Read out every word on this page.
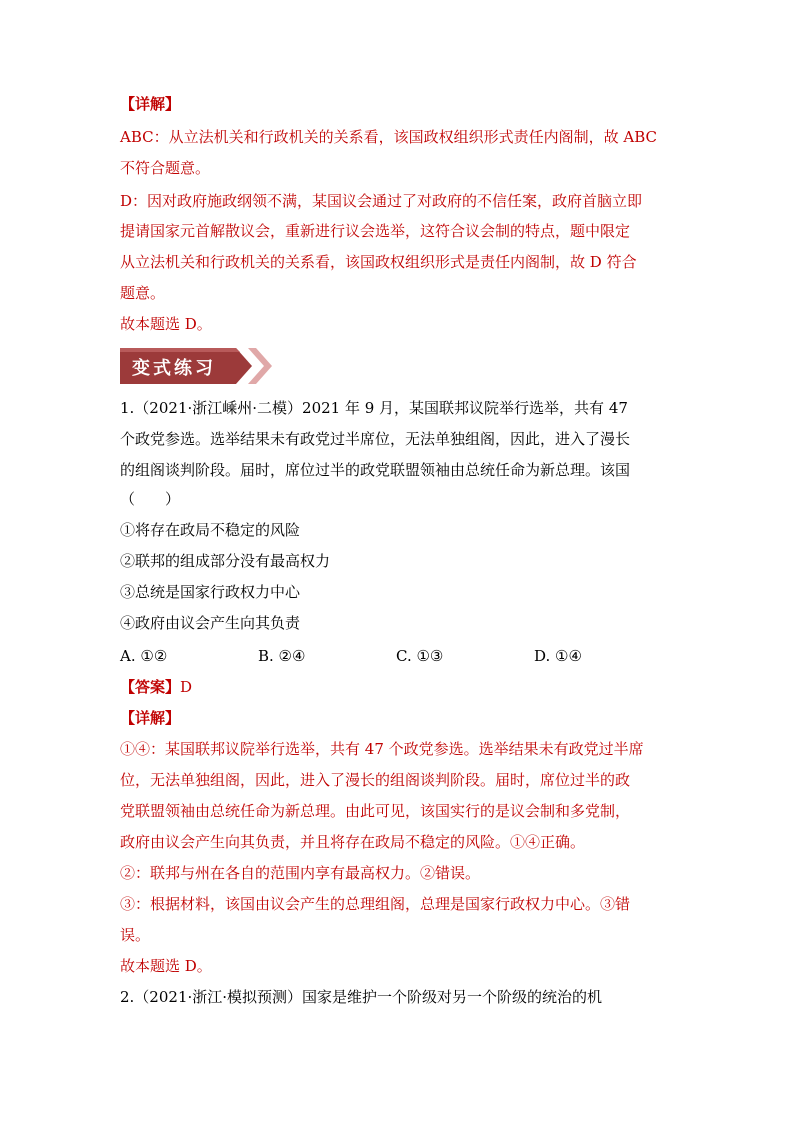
【详解】
ABC：从立法机关和行政机关的关系看，该国政权组织形式责任内阁制，故 ABC
不符合题意。
D：因对政府施政纲领不满，某国议会通过了对政府的不信任案，政府首脑立即
提请国家元首解散议会，重新进行议会选举，这符合议会制的特点，题中限定
从立法机关和行政机关的关系看，该国政权组织形式是责任内阁制，故 D 符合
题意。
故本题选 D。
变式练习
1.（2021·浙江嵊州·二模）2021 年 9 月，某国联邦议院举行选举，共有 47
个政党参选。选举结果未有政党过半席位，无法单独组阁，因此，进入了漫长
的组阁谈判阶段。届时，席位过半的政党联盟领袖由总统任命为新总理。该国
（　　）
①将存在政局不稳定的风险
②联邦的组成部分没有最高权力
③总统是国家行政权力中心
④政府由议会产生向其负责
A. ①②	B. ②④	C. ①③	D. ①④
【答案】D
【详解】
①④：某国联邦议院举行选举，共有 47 个政党参选。选举结果未有政党过半席
位，无法单独组阁，因此，进入了漫长的组阁谈判阶段。届时，席位过半的政
党联盟领袖由总统任命为新总理。由此可见，该国实行的是议会制和多党制，
政府由议会产生向其负责，并且将存在政局不稳定的风险。①④正确。
②：联邦与州在各自的范围内享有最高权力。②错误。
③：根据材料，该国由议会产生的总理组阁，总理是国家行政权力中心。③错
误。
故本题选 D。
2.（2021·浙江·模拟预测）国家是维护一个阶级对另一个阶级的统治的机
